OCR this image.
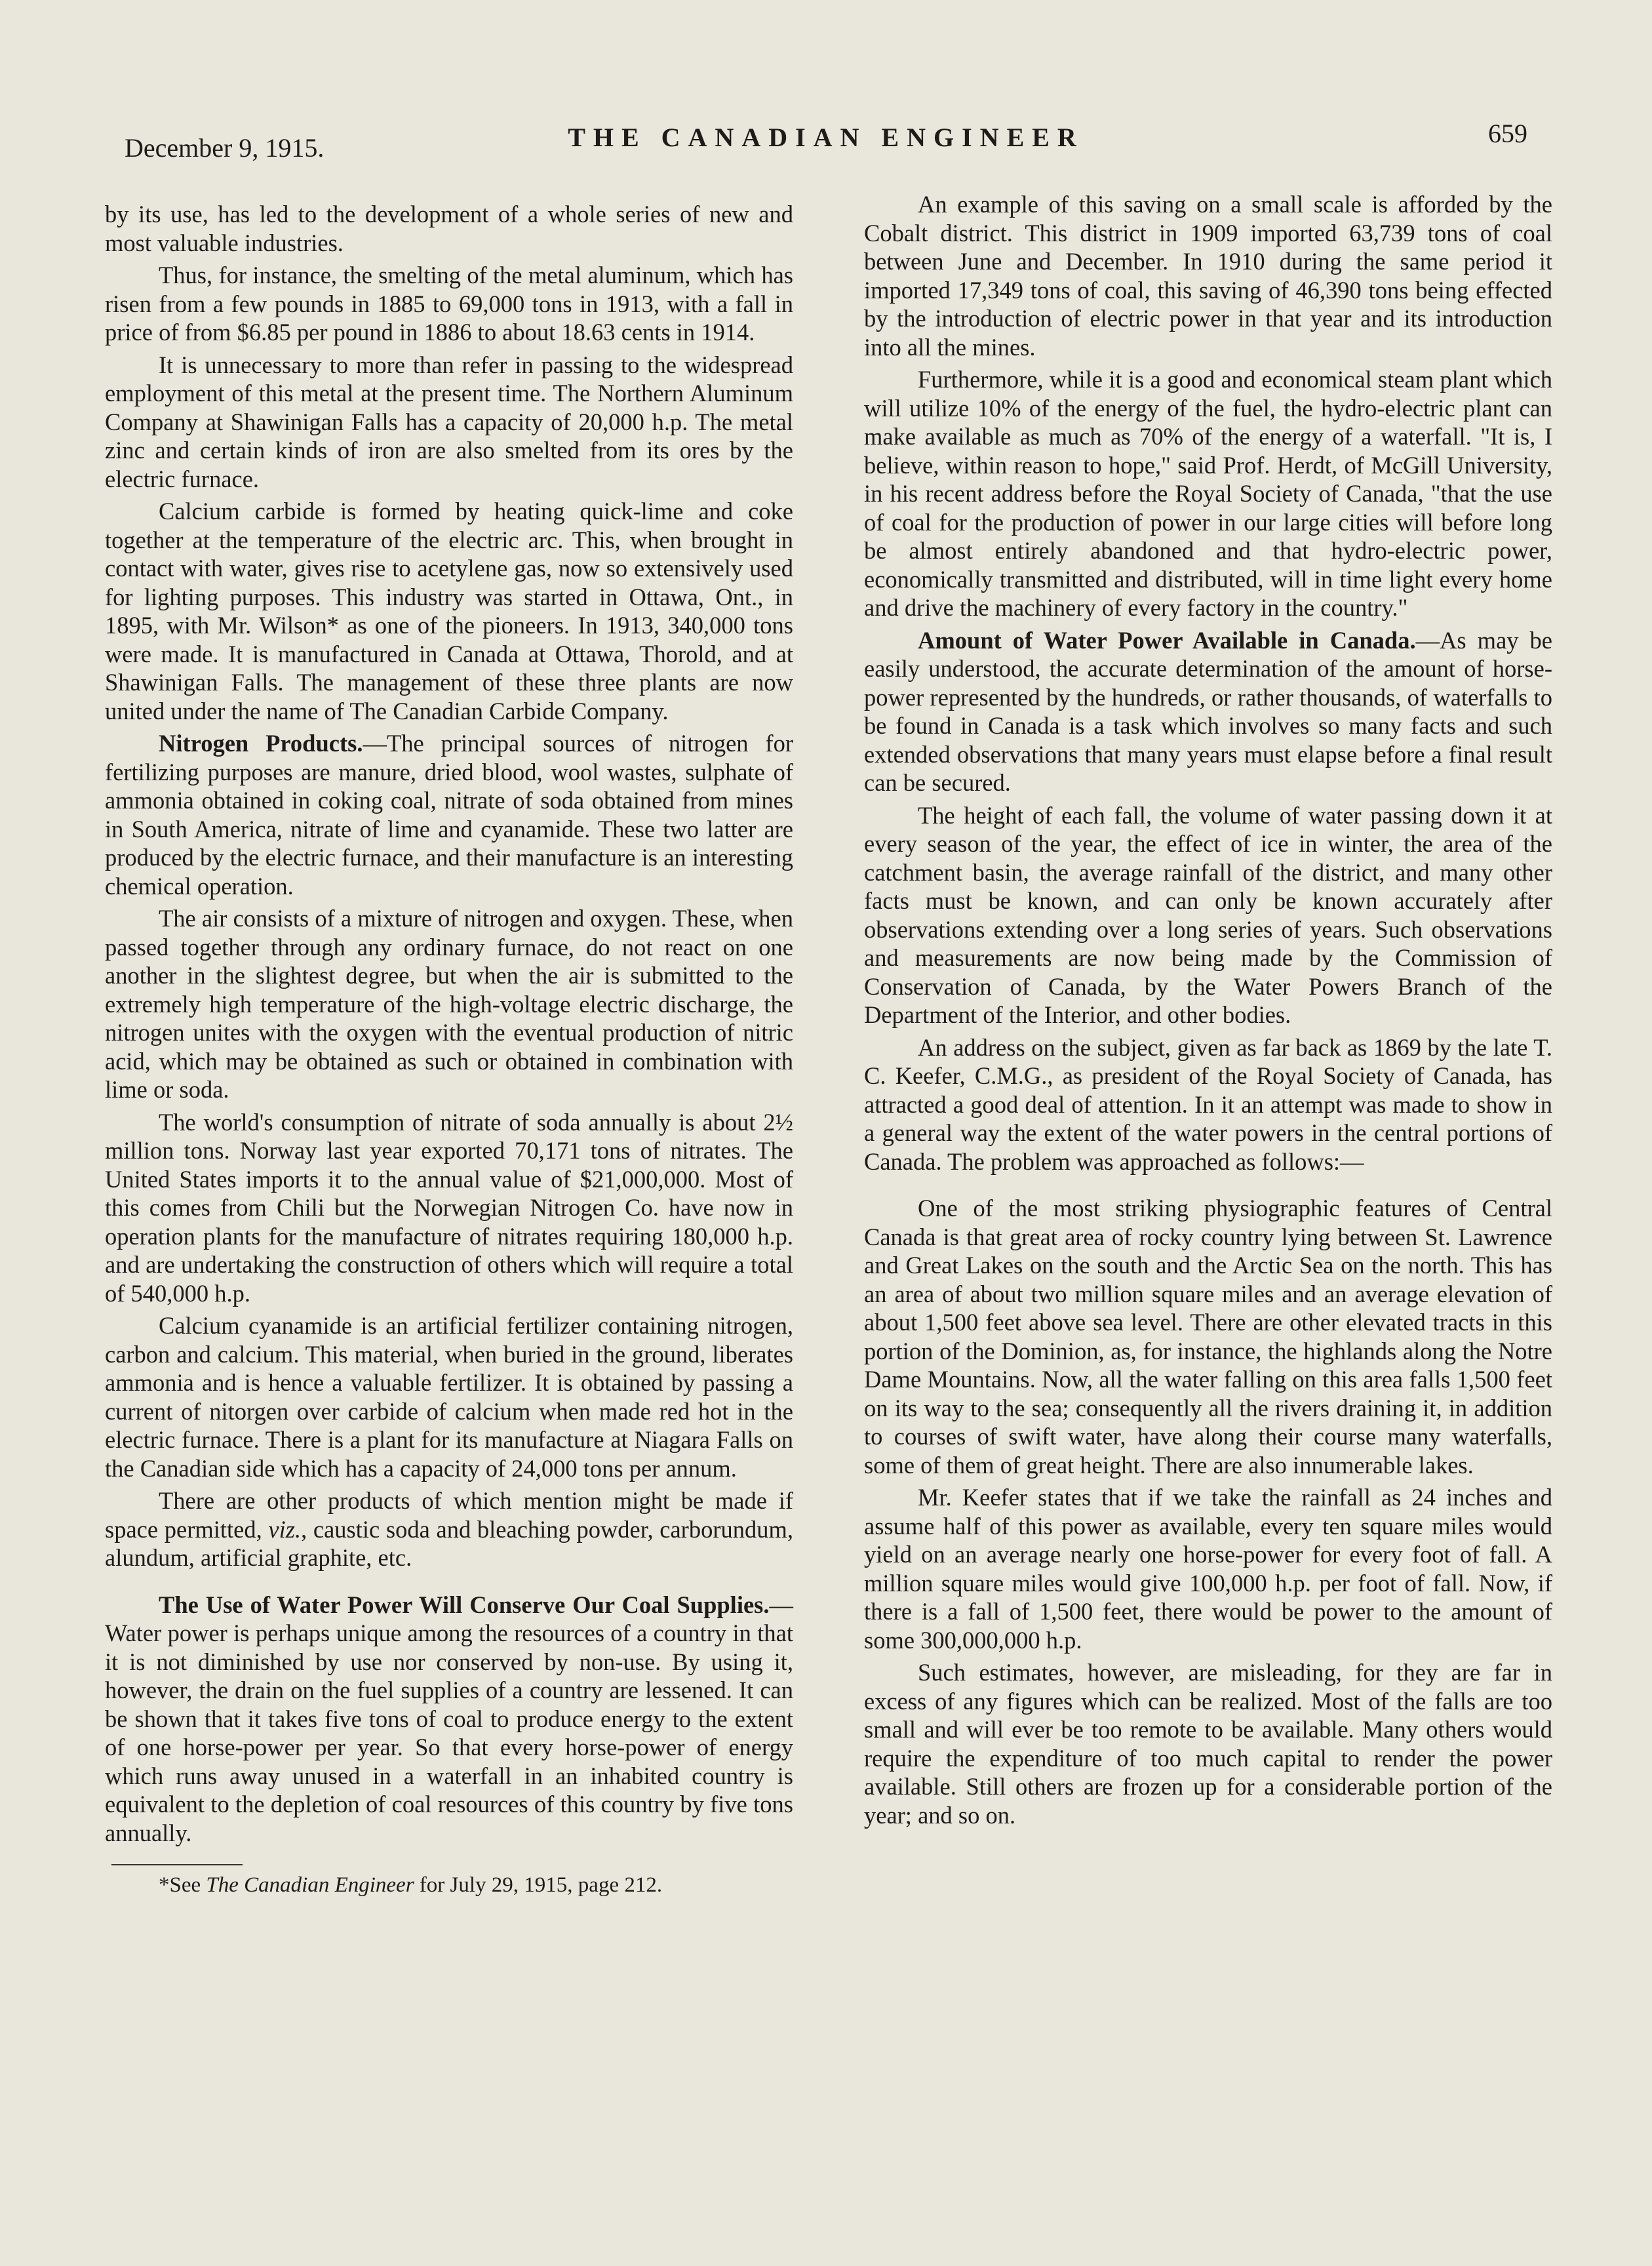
December 9, 1915.	THE CANADIAN ENGINEER	659

by its use, has led to the development of a whole series of new and most valuable industries.

Thus, for instance, the smelting of the metal aluminum, which has risen from a few pounds in 1885 to 69,000 tons in 1913, with a fall in price of from $6.85 per pound in 1886 to about 18.63 cents in 1914.

It is unnecessary to more than refer in passing to the widespread employment of this metal at the present time. The Northern Aluminum Company at Shawinigan Falls has a capacity of 20,000 h.p. The metal zinc and certain kinds of iron are also smelted from its ores by the electric furnace.

Calcium carbide is formed by heating quick-lime and coke together at the temperature of the electric arc. This, when brought in contact with water, gives rise to acetylene gas, now so extensively used for lighting purposes. This industry was started in Ottawa, Ont., in 1895, with Mr. Wilson* as one of the pioneers. In 1913, 340,000 tons were made. It is manufactured in Canada at Ottawa, Thorold, and at Shawinigan Falls. The management of these three plants are now united under the name of The Canadian Carbide Company.

Nitrogen Products.—The principal sources of nitrogen for fertilizing purposes are manure, dried blood, wool wastes, sulphate of ammonia obtained in coking coal, nitrate of soda obtained from mines in South America, nitrate of lime and cyanamide. These two latter are produced by the electric furnace, and their manufacture is an interesting chemical operation.

The air consists of a mixture of nitrogen and oxygen. These, when passed together through any ordinary furnace, do not react on one another in the slightest degree, but when the air is submitted to the extremely high temperature of the high-voltage electric discharge, the nitrogen unites with the oxygen with the eventual production of nitric acid, which may be obtained as such or obtained in combination with lime or soda.

The world's consumption of nitrate of soda annually is about 2½ million tons. Norway last year exported 70,171 tons of nitrates. The United States imports it to the annual value of $21,000,000. Most of this comes from Chili but the Norwegian Nitrogen Co. have now in operation plants for the manufacture of nitrates requiring 180,000 h.p. and are undertaking the construction of others which will require a total of 540,000 h.p.

Calcium cyanamide is an artificial fertilizer containing nitrogen, carbon and calcium. This material, when buried in the ground, liberates ammonia and is hence a valuable fertilizer. It is obtained by passing a current of nitorgen over carbide of calcium when made red hot in the electric furnace. There is a plant for its manufacture at Niagara Falls on the Canadian side which has a capacity of 24,000 tons per annum.

There are other products of which mention might be made if space permitted, viz., caustic soda and bleaching powder, carborundum, alundum, artificial graphite, etc.

The Use of Water Power Will Conserve Our Coal Supplies.—Water power is perhaps unique among the resources of a country in that it is not diminished by use nor conserved by non-use. By using it, however, the drain on the fuel supplies of a country are lessened. It can be shown that it takes five tons of coal to produce energy to the extent of one horse-power per year. So that every horse-power of energy which runs away unused in a waterfall in an inhabited country is equivalent to the depletion of coal resources of this country by five tons annually.

*See The Canadian Engineer for July 29, 1915, page 212.

An example of this saving on a small scale is afforded by the Cobalt district. This district in 1909 imported 63,739 tons of coal between June and December. In 1910 during the same period it imported 17,349 tons of coal, this saving of 46,390 tons being effected by the introduction of electric power in that year and its introduction into all the mines.

Furthermore, while it is a good and economical steam plant which will utilize 10% of the energy of the fuel, the hydro-electric plant can make available as much as 70% of the energy of a waterfall. "It is, I believe, within reason to hope," said Prof. Herdt, of McGill University, in his recent address before the Royal Society of Canada, "that the use of coal for the production of power in our large cities will before long be almost entirely abandoned and that hydro-electric power, economically transmitted and distributed, will in time light every home and drive the machinery of every factory in the country."

Amount of Water Power Available in Canada.—As may be easily understood, the accurate determination of the amount of horse-power represented by the hundreds, or rather thousands, of waterfalls to be found in Canada is a task which involves so many facts and such extended observations that many years must elapse before a final result can be secured.

The height of each fall, the volume of water passing down it at every season of the year, the effect of ice in winter, the area of the catchment basin, the average rainfall of the district, and many other facts must be known, and can only be known accurately after observations extending over a long series of years. Such observations and measurements are now being made by the Commission of Conservation of Canada, by the Water Powers Branch of the Department of the Interior, and other bodies.

An address on the subject, given as far back as 1869 by the late T. C. Keefer, C.M.G., as president of the Royal Society of Canada, has attracted a good deal of attention. In it an attempt was made to show in a general way the extent of the water powers in the central portions of Canada. The problem was approached as follows:—

One of the most striking physiographic features of Central Canada is that great area of rocky country lying between St. Lawrence and Great Lakes on the south and the Arctic Sea on the north. This has an area of about two million square miles and an average elevation of about 1,500 feet above sea level. There are other elevated tracts in this portion of the Dominion, as, for instance, the highlands along the Notre Dame Mountains. Now, all the water falling on this area falls 1,500 feet on its way to the sea; consequently all the rivers draining it, in addition to courses of swift water, have along their course many waterfalls, some of them of great height. There are also innumerable lakes.

Mr. Keefer states that if we take the rainfall as 24 inches and assume half of this power as available, every ten square miles would yield on an average nearly one horse-power for every foot of fall. A million square miles would give 100,000 h.p. per foot of fall. Now, if there is a fall of 1,500 feet, there would be power to the amount of some 300,000,000 h.p.

Such estimates, however, are misleading, for they are far in excess of any figures which can be realized. Most of the falls are too small and will ever be too remote to be available. Many others would require the expenditure of too much capital to render the power available. Still others are frozen up for a considerable portion of the year; and so on.
